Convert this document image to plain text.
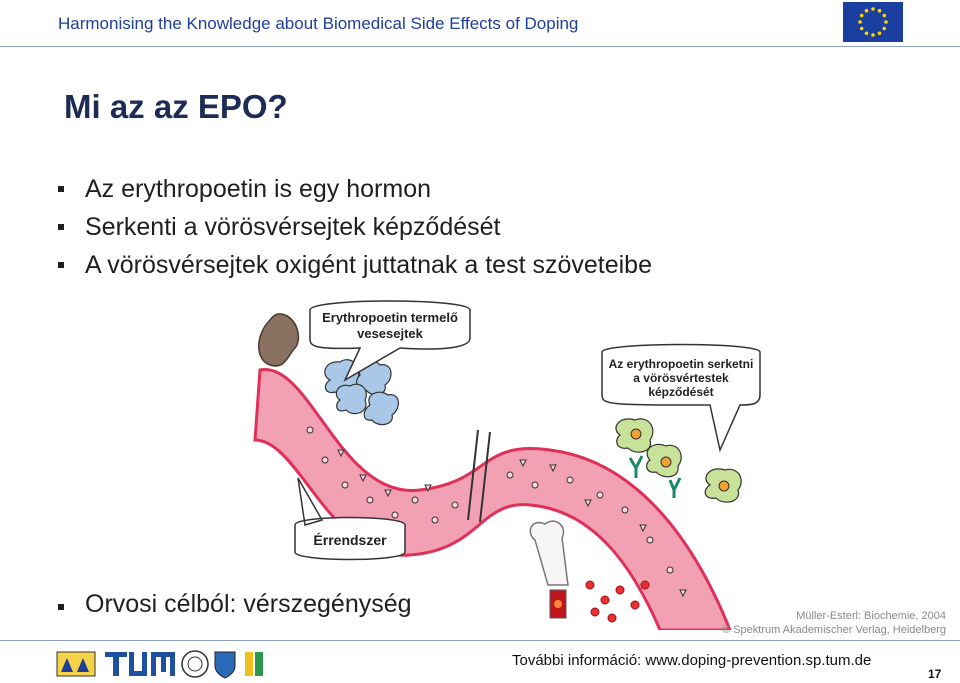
Harmonising the Knowledge about Biomedical Side Effects of Doping
Mi az az EPO?
Az erythropoetin is egy hormon
Serkenti a vörösvérsejtek képződését
A vörösvérsejtek oxigént juttatnak a test szöveteibe
Erythropoetin termelő
vesesejtek
Az erythropoetin serketni
a vörösvértestek
képződését
Érrendszer
Orvosi célból: vérszegénység	Müller-Esterl: Biochemie, 2004
© Spektrum Akademischer Verlag, Heidelberg
További információ: www.doping-prevention.sp.tum.de
17
